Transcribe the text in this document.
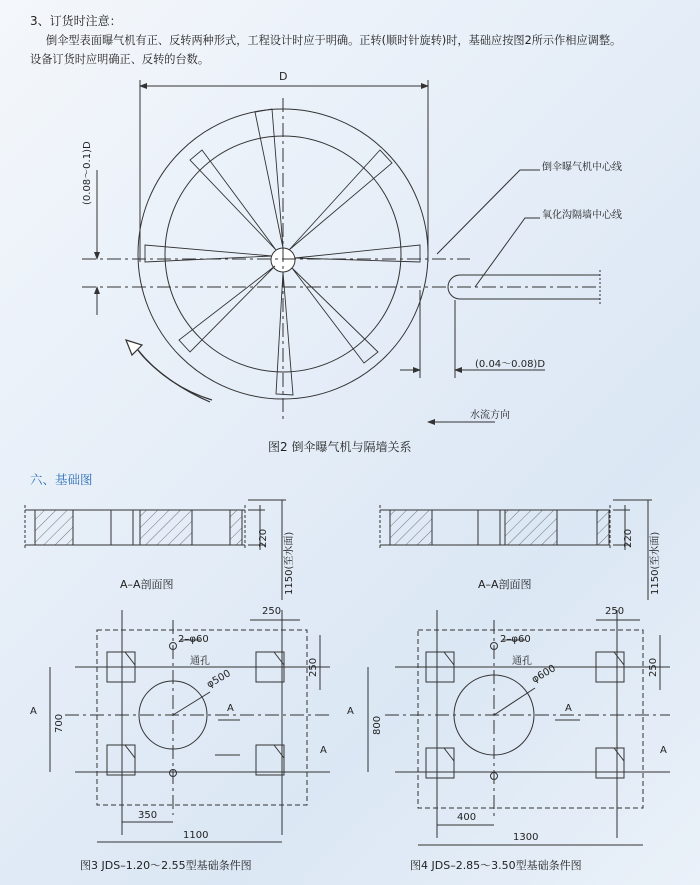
3、订货时注意：
倒伞型表面曝气机有正、反转两种形式，工程设计时应于明确。正转(顺时针旋转)时，基础应按图2所示作相应调整。
设备订货时应明确正、反转的台数。
D
(0.08～0.1)D
(0.04～0.08)D
倒伞曝气机中心线
氧化沟隔墙中心线
水流方向
图2 倒伞曝气机与隔墙关系
六、基础图
220	1150(至水面)
A–A剖面图
250
250
2–φ60
通孔
φ500
700
A	A
A
350
1100
图3 JDS–1.20～2.55型基础条件图
220	1150(至水面)
A–A剖面图
250
250
2–φ60
通孔
φ600
800
A	A
A
400
1300
图4 JDS–2.85～3.50型基础条件图
